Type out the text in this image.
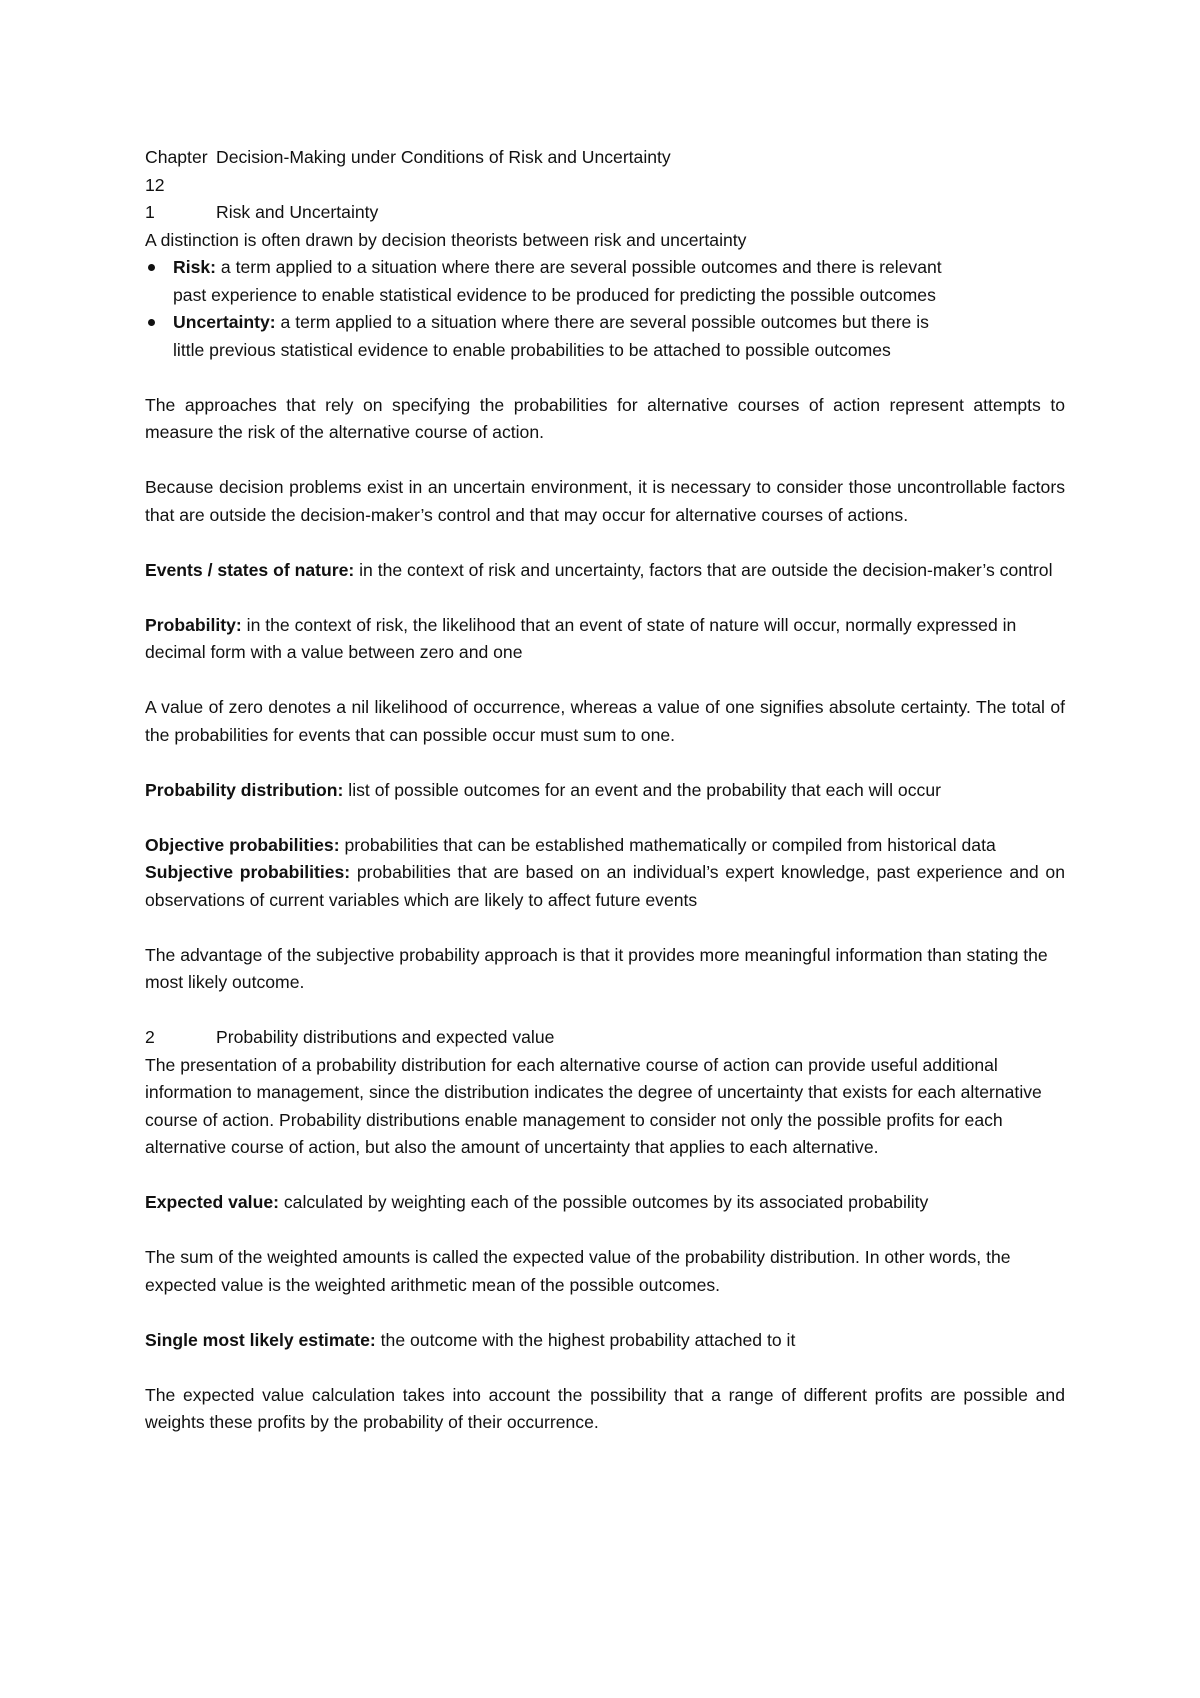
Chapter 12
Decision-Making under Conditions of Risk and Uncertainty
1	Risk and Uncertainty

A distinction is often drawn by decision theorists between risk and uncertainty

Risk: a term applied to a situation where there are several possible outcomes and there is relevant
past experience to enable statistical evidence to be produced for predicting the possible outcomes
Uncertainty: a term applied to a situation where there are several possible outcomes but there is
little previous statistical evidence to enable probabilities to be attached to possible outcomes

The approaches that rely on specifying the probabilities for alternative courses of action represent attempts to measure the risk of the alternative course of action.

Because decision problems exist in an uncertain environment, it is necessary to consider those uncontrollable factors that are outside the decision-maker’s control and that may occur for alternative courses of actions.

Events / states of nature: in the context of risk and uncertainty, factors that are outside the decision-maker’s control

Probability: in the context of risk, the likelihood that an event of state of nature will occur, normally expressed in decimal form with a value between zero and one

A value of zero denotes a nil likelihood of occurrence, whereas a value of one signifies absolute certainty. The total of the probabilities for events that can possible occur must sum to one.

Probability distribution: list of possible outcomes for an event and the probability that each will occur

Objective probabilities: probabilities that can be established mathematically or compiled from historical data

Subjective probabilities: probabilities that are based on an individual’s expert knowledge, past experience and on observations of current variables which are likely to affect future events

The advantage of the subjective probability approach is that it provides more meaningful information than stating the most likely outcome.

2	Probability distributions and expected value

The presentation of a probability distribution for each alternative course of action can provide useful additional information to management, since the distribution indicates the degree of uncertainty that exists for each alternative course of action. Probability distributions enable management to consider not only the possible profits for each alternative course of action, but also the amount of uncertainty that applies to each alternative.

Expected value: calculated by weighting each of the possible outcomes by its associated probability

The sum of the weighted amounts is called the expected value of the probability distribution. In other words, the expected value is the weighted arithmetic mean of the possible outcomes.

Single most likely estimate: the outcome with the highest probability attached to it

The expected value calculation takes into account the possibility that a range of different profits are possible and weights these profits by the probability of their occurrence.
